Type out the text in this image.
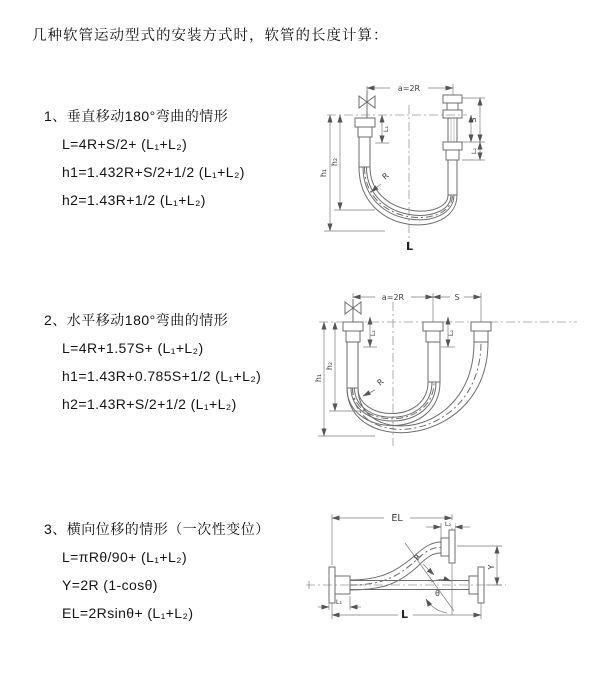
几种软管运动型式的安装方式时，软管的长度计算：
1、垂直移动180°弯曲的情形
L=4R+S/2+ (L₁+L₂)
h1=1.432R+S/2+1/2 (L₁+L₂)
h2=1.43R+1/2 (L₁+L₂)
a=2R
S
L₂
L₁
h₂
h₁	R
L
2、水平移动180°弯曲的情形
L=4R+1.57S+ (L₁+L₂)
h1=1.43R+0.785S+1/2 (L₁+L₂)
h2=1.43R+S/2+1/2 (L₁+L₂)
a=2R	S
L₁	L₂
h₂
h₁	R
3、横向位移的情形（一次性变位）
L=πRθ/90+ (L₁+L₂)
Y=2R (1-cosθ)
EL=2Rsinθ+ (L₁+L₂)
θ
EL	L₂
Y
L
L₁
R
